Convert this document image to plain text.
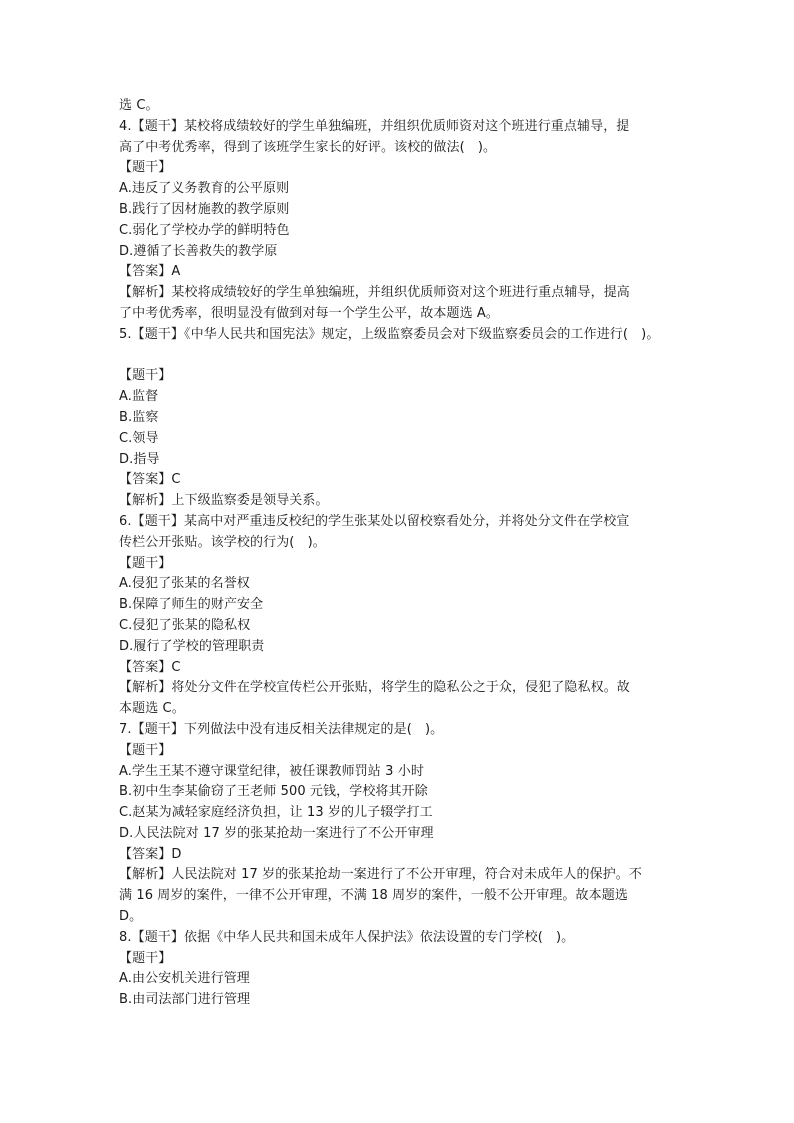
选 C。
4.【题干】某校将成绩较好的学生单独编班，并组织优质师资对这个班进行重点辅导，提
高了中考优秀率，得到了该班学生家长的好评。该校的做法(　)。
【题干】
A.违反了义务教育的公平原则
B.践行了因材施教的教学原则
C.弱化了学校办学的鲜明特色
D.遵循了长善救失的教学原
【答案】A
【解析】某校将成绩较好的学生单独编班，并组织优质师资对这个班进行重点辅导，提高
了中考优秀率，很明显没有做到对每一个学生公平，故本题选 A。
5.【题干】《中华人民共和国宪法》规定，上级监察委员会对下级监察委员会的工作进行(　)。
【题干】
A.监督
B.监察
C.领导
D.指导
【答案】C
【解析】上下级监察委是领导关系。
6.【题干】某高中对严重违反校纪的学生张某处以留校察看处分，并将处分文件在学校宣
传栏公开张贴。该学校的行为(　)。
【题干】
A.侵犯了张某的名誉权
B.保障了师生的财产安全
C.侵犯了张某的隐私权
D.履行了学校的管理职责
【答案】C
【解析】将处分文件在学校宣传栏公开张贴，将学生的隐私公之于众，侵犯了隐私权。故
本题选 C。
7.【题干】下列做法中没有违反相关法律规定的是(　)。
【题干】
A.学生王某不遵守课堂纪律，被任课教师罚站 3 小时
B.初中生李某偷窃了王老师 500 元钱，学校将其开除
C.赵某为减轻家庭经济负担，让 13 岁的儿子辍学打工
D.人民法院对 17 岁的张某抢劫一案进行了不公开审理
【答案】D
【解析】人民法院对 17 岁的张某抢劫一案进行了不公开审理，符合对未成年人的保护。不
满 16 周岁的案件，一律不公开审理，不满 18 周岁的案件，一般不公开审理。故本题选
D。
8.【题干】依据《中华人民共和国未成年人保护法》依法设置的专门学校(　)。
【题干】
A.由公安机关进行管理
B.由司法部门进行管理
